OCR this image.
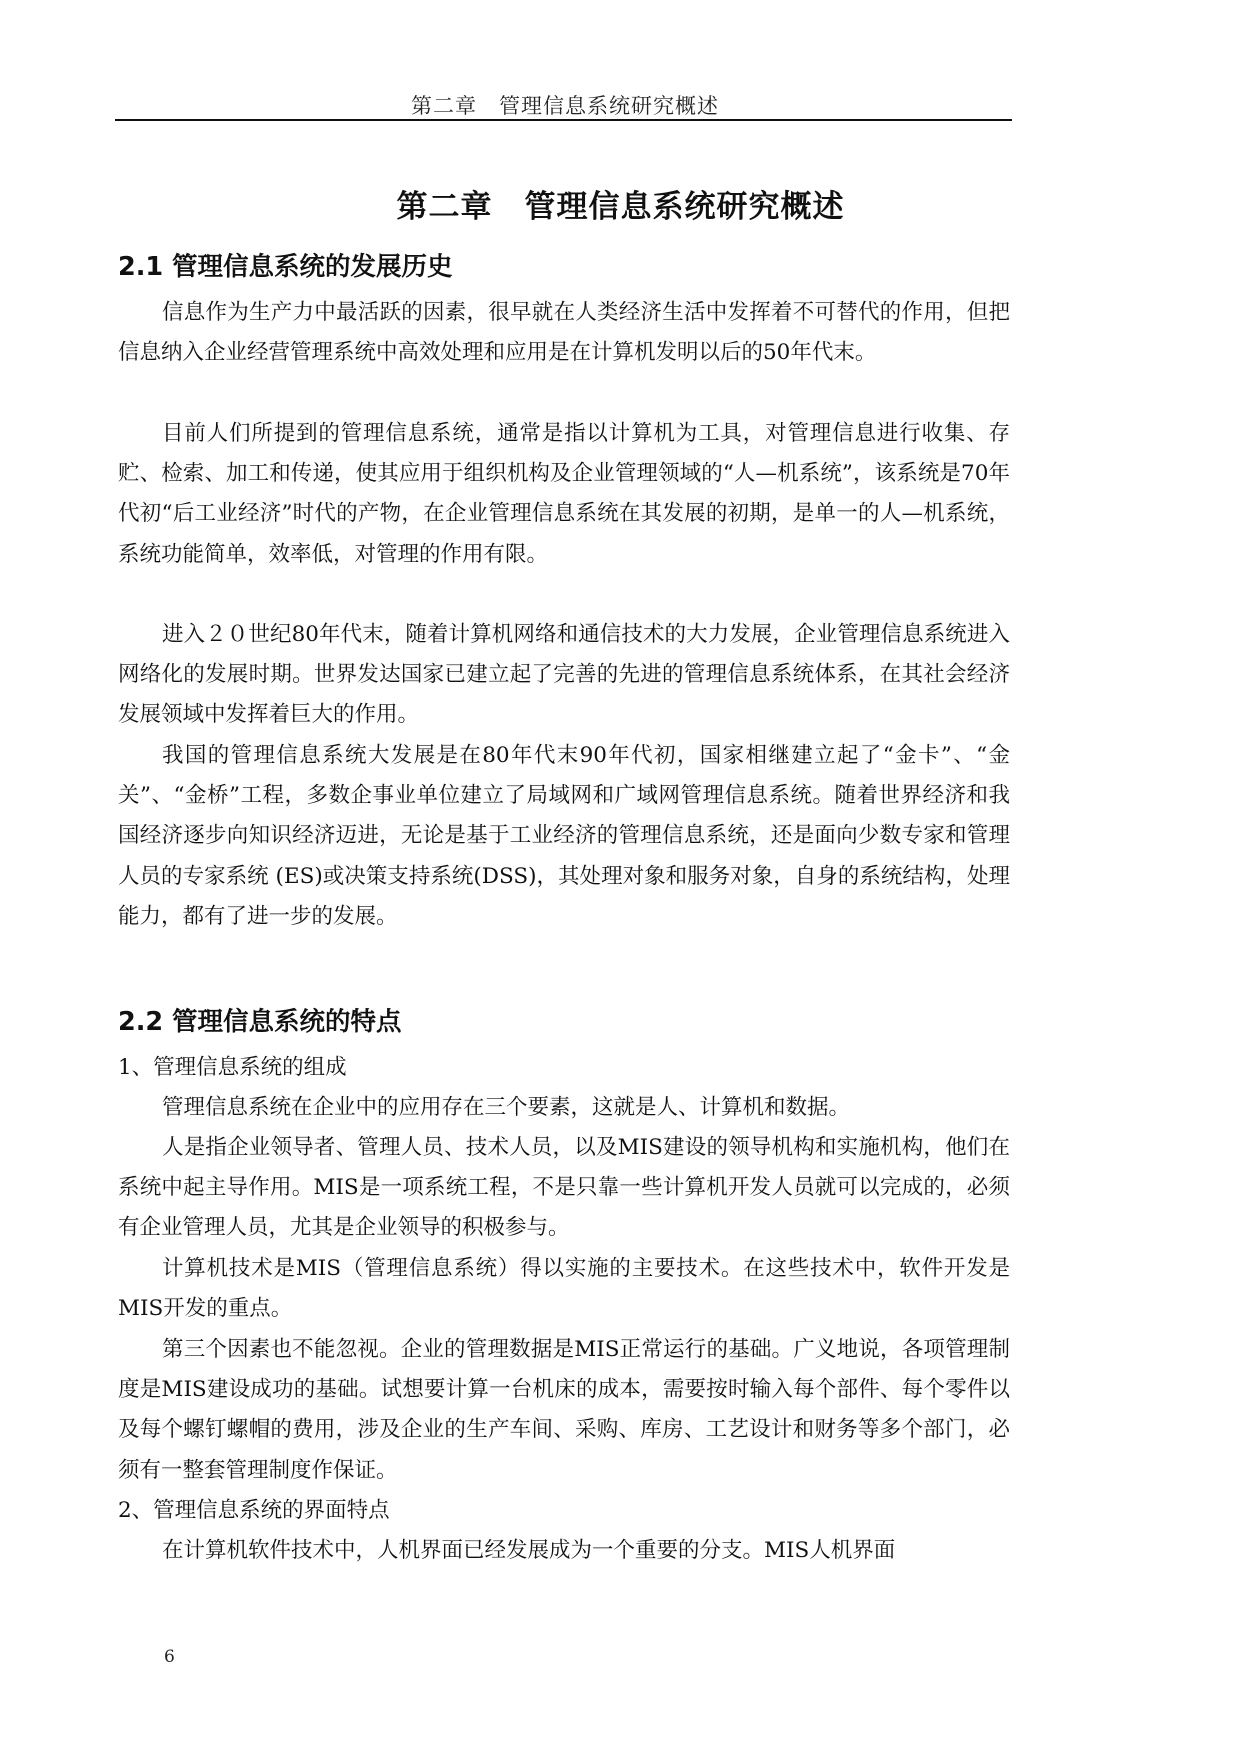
第二章　管理信息系统研究概述
第二章　管理信息系统研究概述
2.1 管理信息系统的发展历史

信息作为生产力中最活跃的因素，很早就在人类经济生活中发挥着不可替代的作用，但把信息纳入企业经营管理系统中高效处理和应用是在计算机发明以后的50年代末。

目前人们所提到的管理信息系统，通常是指以计算机为工具，对管理信息进行收集、存贮、检索、加工和传递，使其应用于组织机构及企业管理领域的“人—机系统”，该系统是70年代初“后工业经济”时代的产物，在企业管理信息系统在其发展的初期，是单一的人—机系统，系统功能简单，效率低，对管理的作用有限。

进入２０世纪80年代末，随着计算机网络和通信技术的大力发展，企业管理信息系统进入网络化的发展时期。世界发达国家已建立起了完善的先进的管理信息系统体系，在其社会经济发展领域中发挥着巨大的作用。

我国的管理信息系统大发展是在80年代末90年代初，国家相继建立起了“金卡”、“金关”、“金桥”工程，多数企事业单位建立了局域网和广域网管理信息系统。随着世界经济和我国经济逐步向知识经济迈进，无论是基于工业经济的管理信息系统，还是面向少数专家和管理人员的专家系统 (ES)或决策支持系统(DSS)，其处理对象和服务对象，自身的系统结构，处理能力，都有了进一步的发展。

2.2 管理信息系统的特点

1、管理信息系统的组成

管理信息系统在企业中的应用存在三个要素，这就是人、计算机和数据。

人是指企业领导者、管理人员、技术人员，以及MIS建设的领导机构和实施机构，他们在系统中起主导作用。MIS是一项系统工程，不是只靠一些计算机开发人员就可以完成的，必须有企业管理人员，尤其是企业领导的积极参与。

计算机技术是MIS（管理信息系统）得以实施的主要技术。在这些技术中，软件开发是MIS开发的重点。

第三个因素也不能忽视。企业的管理数据是MIS正常运行的基础。广义地说，各项管理制度是MIS建设成功的基础。试想要计算一台机床的成本，需要按时输入每个部件、每个零件以及每个螺钉螺帽的费用，涉及企业的生产车间、采购、库房、工艺设计和财务等多个部门，必须有一整套管理制度作保证。

2、管理信息系统的界面特点

在计算机软件技术中，人机界面已经发展成为一个重要的分支。MIS人机界面

6
